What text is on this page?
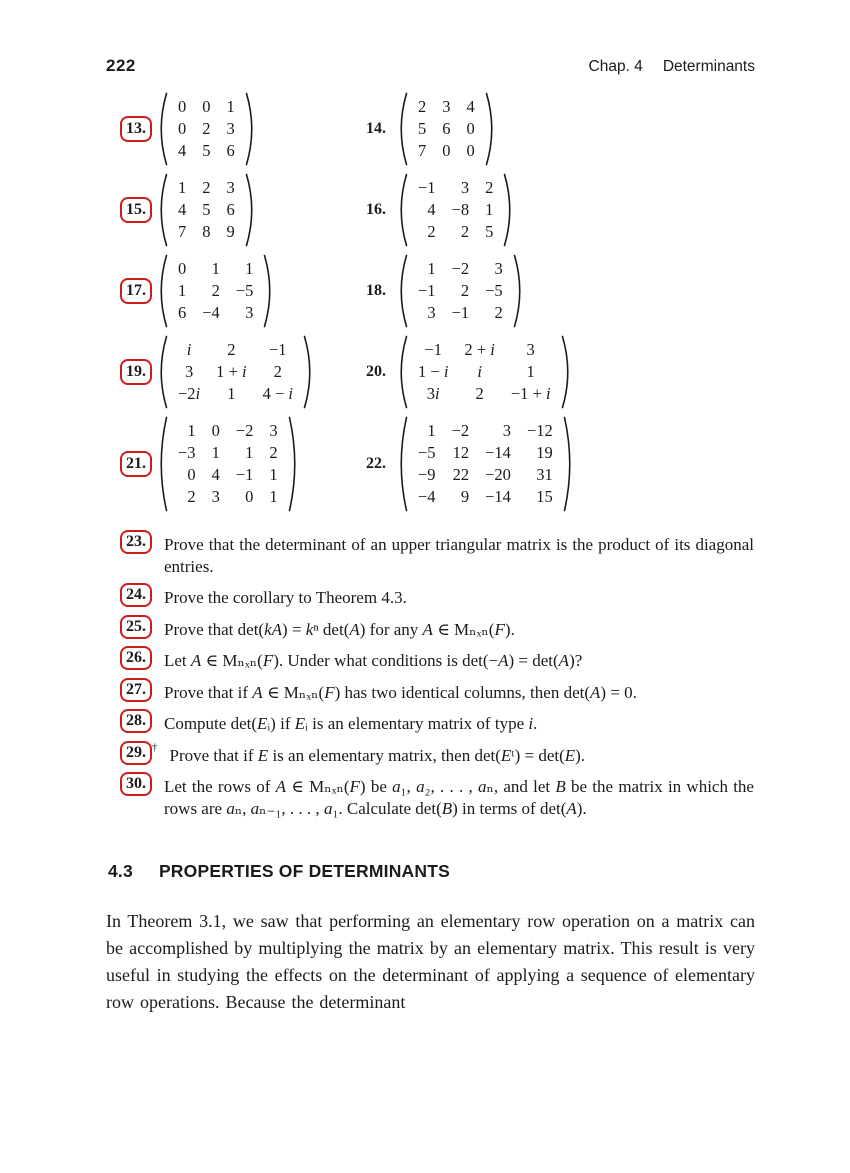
222	Chap. 4 Determinants
13.
0 0 1
0 2 3
4 5 6
14.
2 3 4
5 6 0
7 0 0
15.
1 2 3
4 5 6
7 8 9
16.
−1	3 2
4 −8 1
2	2 5
17.
0	1	1
1	2 −5
6 −4	3
18.
1 −2	3
−1	2 −5
3 −1	2
19.
i	2	−1
3	1 + i	2
−2i	1	4 − i
20.
−1	2 + i	3
1 − i	i	1
3i	2	−1 + i
21.
1 0 −2 3
−3 1	1 2
0 4 −1 1
2 3	0 1
22.
1 −2	3 −12
−5	12 −14	19
−9	22 −20	31
−4	9 −14	15
23.	Prove that the determinant of an upper triangular matrix is the product of its diagonal entries.
24.	Prove the corollary to Theorem 4.3.
25.	Prove that det(kA) = kⁿ det(A) for any A ∈ Mₙₓₙ(F).
26.	Let A ∈ Mₙₓₙ(F). Under what conditions is det(−A) = det(A)?
27.	Prove that if A ∈ Mₙₓₙ(F) has two identical columns, then det(A) = 0.
28.	Compute det(Eᵢ) if Eᵢ is an elementary matrix of type i.
29. † Prove that if E is an elementary matrix, then det(Eᵗ) = det(E).
30.	Let the rows of A ∈ Mₙₓₙ(F) be a₁, a₂, . . . , aₙ, and let B be the matrix in which the rows are aₙ, aₙ₋₁, . . . , a₁. Calculate det(B) in terms of det(A).
4.3 PROPERTIES OF DETERMINANTS

In Theorem 3.1, we saw that performing an elementary row operation on a matrix can be accomplished by multiplying the matrix by an elementary matrix. This result is very useful in studying the effects on the determinant of applying a sequence of elementary row operations. Because the determinant
